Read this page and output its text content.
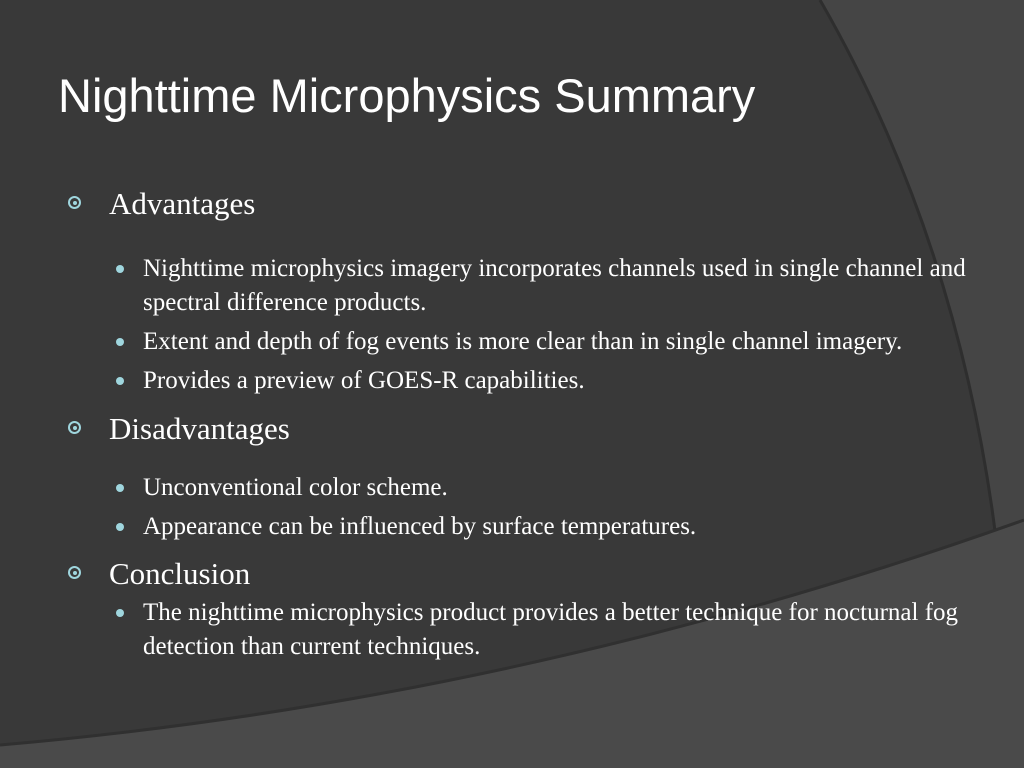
Nighttime Microphysics Summary
Advantages
Nighttime microphysics imagery incorporates channels used in single channel and spectral difference products.
Extent and depth of fog events is more clear than in single channel imagery.
Provides a preview of GOES-R capabilities.
Disadvantages
Unconventional color scheme.
Appearance can be influenced by surface temperatures.
Conclusion
The nighttime microphysics product provides a better technique for nocturnal fog detection than current techniques.
